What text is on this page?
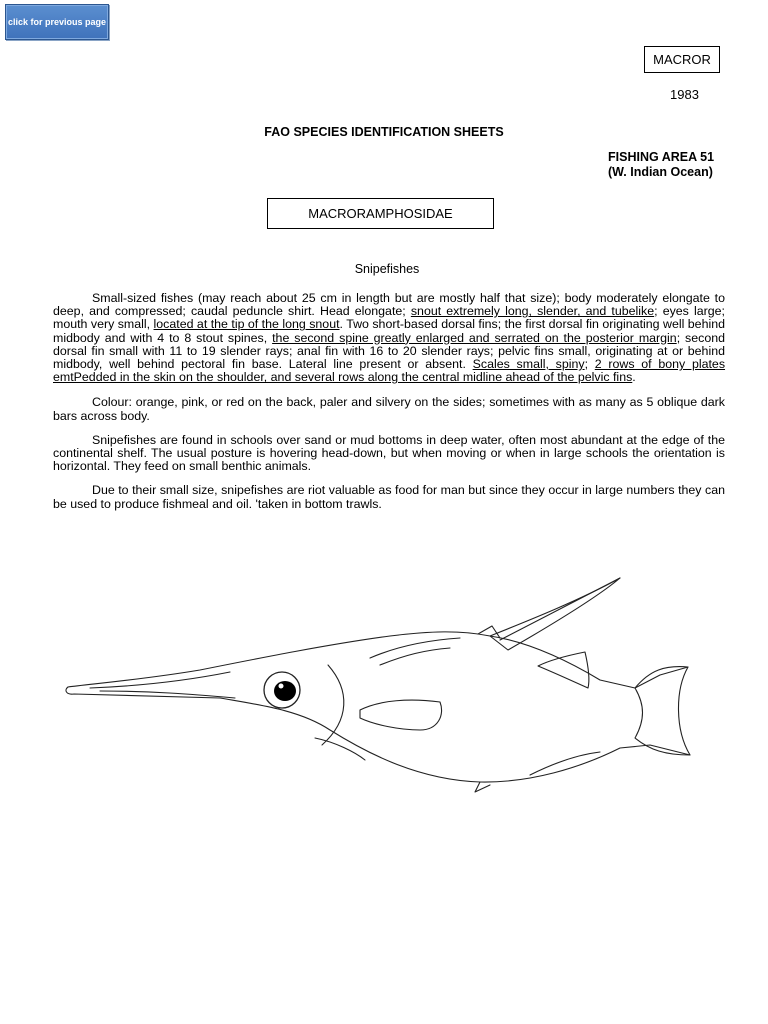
click for previous page
MACROR
1983
FAO SPECIES IDENTIFICATION SHEETS
FISHING AREA 51
(W. Indian Ocean)
MACRORAMPHOSIDAE
Snipefishes

Small-sized fishes (may reach about 25 cm in length but are mostly half that size); body moderately elongate to deep, and compressed; caudal peduncle shirt. Head elongate; snout extremely long, slender, and tubelike; eyes large; mouth very small, located at the tip of the long snout. Two short-based dorsal fins; the first dorsal fin originating well behind midbody and with 4 to 8 stout spines, the second spine greatly enlarged and serrated on the posterior margin; second dorsal fin small with 11 to 19 slender rays; anal fin with 16 to 20 slender rays; pelvic fins small, originating at or behind midbody, well behind pectoral fin base. Lateral line present or absent. Scales small, spiny; 2 rows of bony plates emtPedded in the skin on the shoulder, and several rows along the central midline ahead of the pelvic fins.

Colour: orange, pink, or red on the back, paler and silvery on the sides; sometimes with as many as 5 oblique dark bars across body.

Snipefishes are found in schools over sand or mud bottoms in deep water, often most abundant at the edge of the continental shelf. The usual posture is hovering head-down, but when moving or when in large schools the orientation is horizontal. They feed on small benthic animals.

Due to their small size, snipefishes are riot valuable as food for man but since they occur in large numbers they can be used to produce fishmeal and oil. 'taken in bottom trawls.
